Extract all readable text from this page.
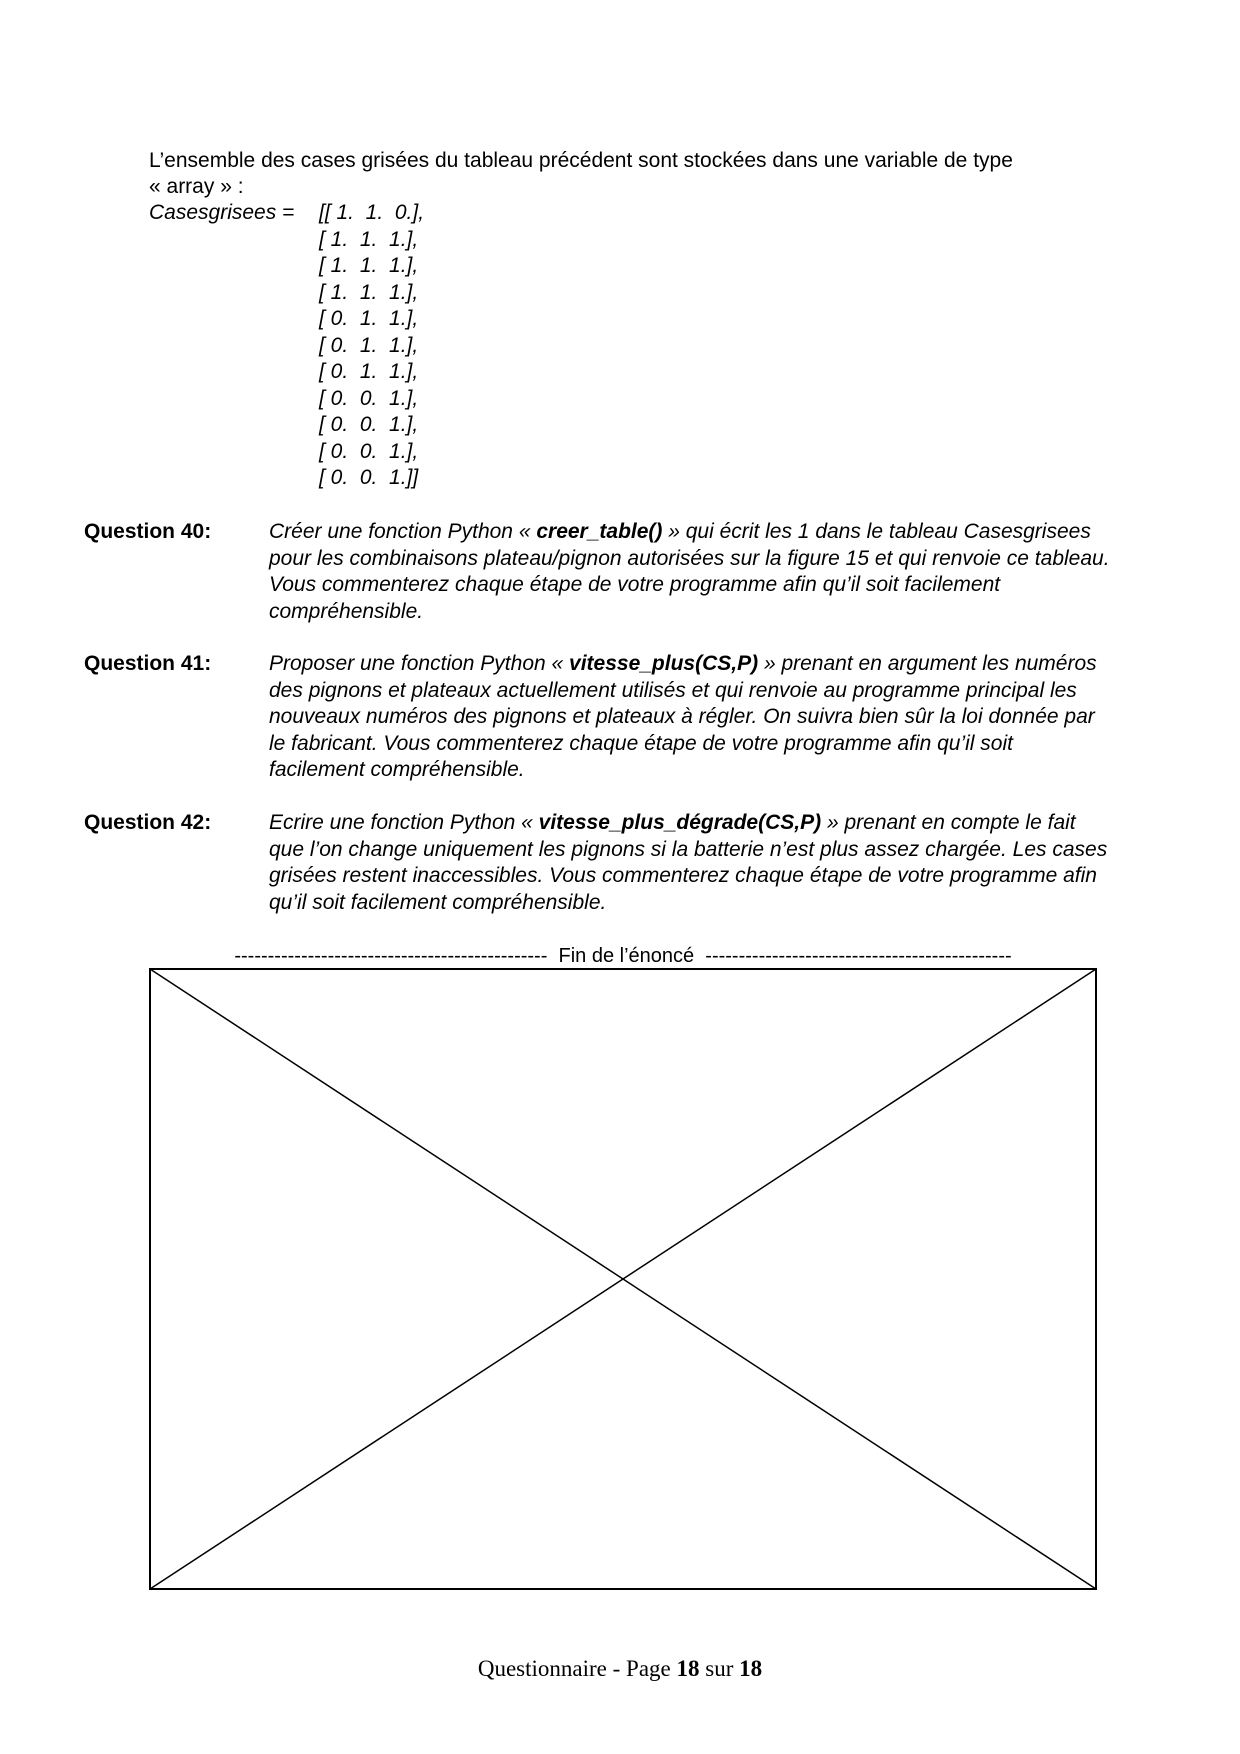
L’ensemble des cases grisées du tableau précédent sont stockées dans une variable de type
« array » :
Casesgrisees = [[ 1.  1.  0.],
[ 1.  1.  1.],
[ 1.  1.  1.],
[ 1.  1.  1.],
[ 0.  1.  1.],
[ 0.  1.  1.],
[ 0.  1.  1.],
[ 0.  0.  1.],
[ 0.  0.  1.],
[ 0.  0.  1.],
[ 0.  0.  1.]]
Question 40:	Créer une fonction Python « creer_table() » qui écrit les 1 dans le tableau Casesgrisees pour les combinaisons plateau/pignon autorisées sur la figure 15 et qui renvoie ce tableau. Vous commenterez chaque étape de votre programme afin qu’il soit facilement compréhensible.
Question 41:	Proposer une fonction Python « vitesse_plus(CS,P) » prenant en argument les numéros des pignons et plateaux actuellement utilisés et qui renvoie au programme principal les nouveaux numéros des pignons et plateaux à régler. On suivra bien sûr la loi donnée par le fabricant. Vous commenterez chaque étape de votre programme afin qu’il soit facilement compréhensible.
Question 42:	Ecrire une fonction Python « vitesse_plus_dégrade(CS,P) » prenant en compte le fait que l’on change uniquement les pignons si la batterie n’est plus assez chargée. Les cases grisées restent inaccessibles. Vous commenterez chaque étape de votre programme afin qu’il soit facilement compréhensible.
----------------------------------------------- Fin de l’énoncé ----------------------------------------------
Questionnaire - Page 18 sur 18
